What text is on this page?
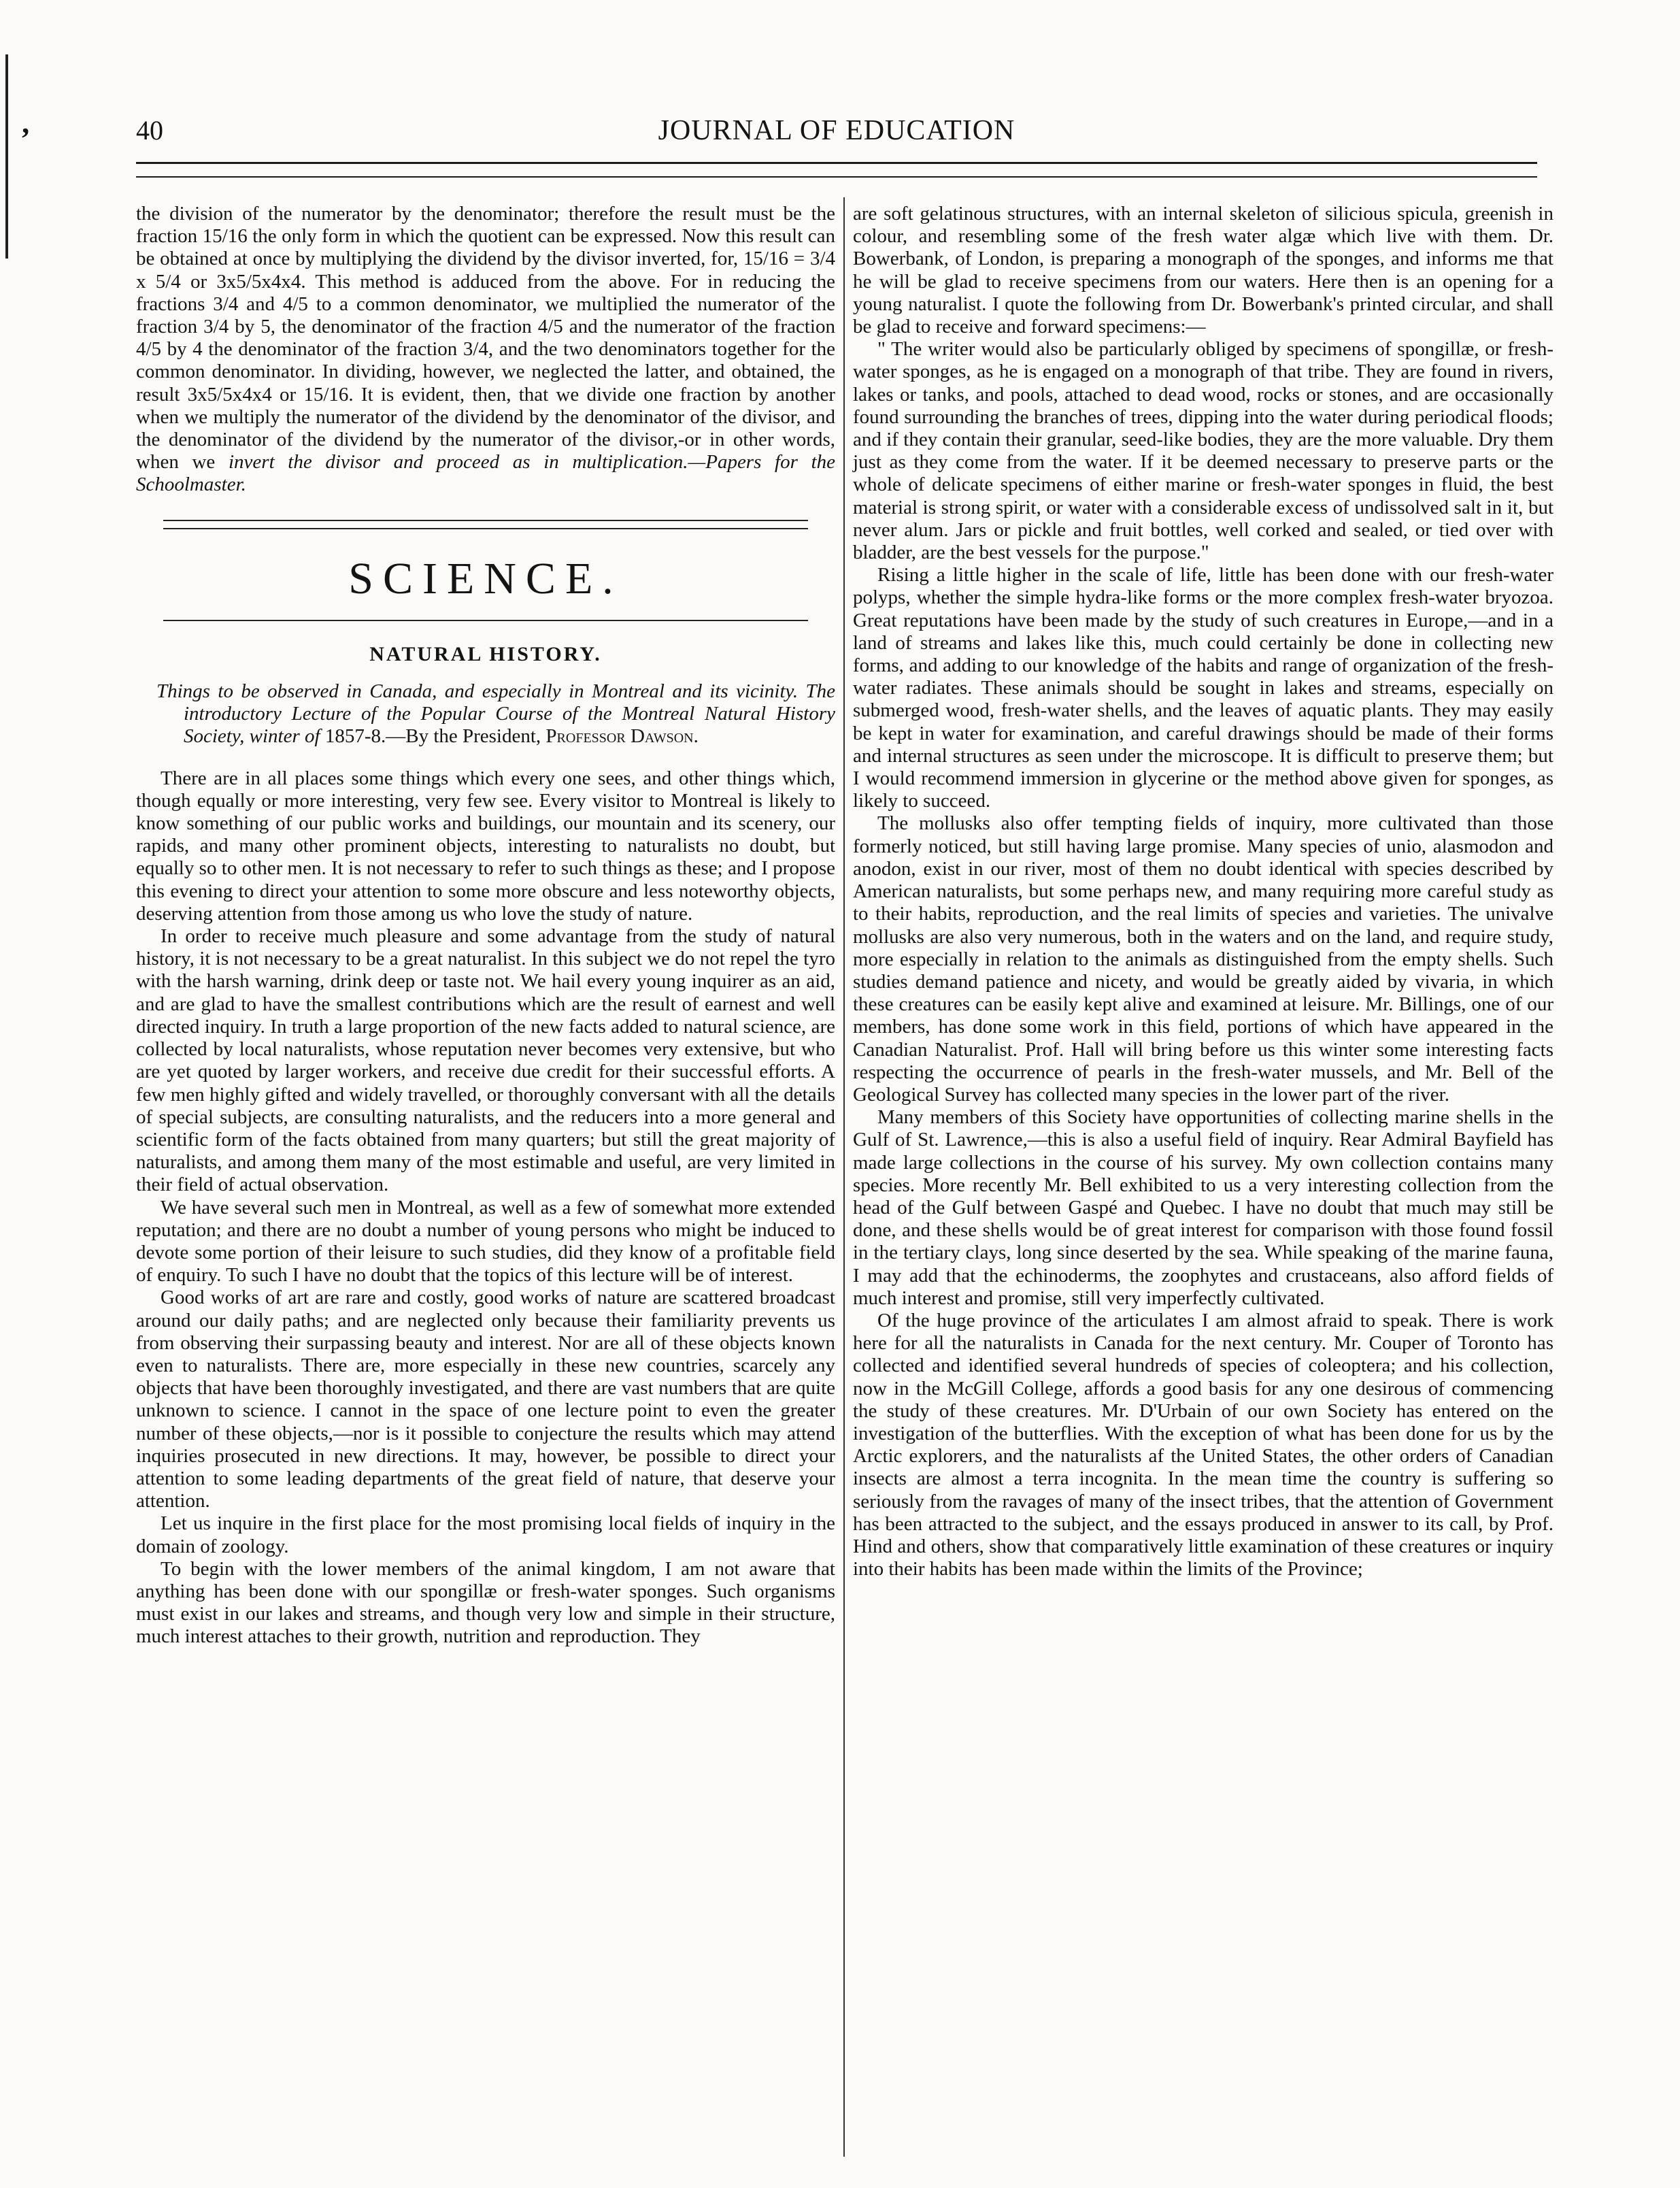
’	40	JOURNAL OF EDUCATION

the division of the numerator by the denominator; therefore the result must be the fraction 15/16 the only form in which the quotient can be expressed. Now this result can be obtained at once by multiplying the dividend by the divisor inverted, for, 15/16 = 3/4 x 5/4 or 3x5/5x4x4. This method is adduced from the above. For in reducing the fractions 3/4 and 4/5 to a common denominator, we multiplied the numerator of the fraction 3/4 by 5, the denominator of the fraction 4/5 and the numerator of the fraction 4/5 by 4 the denominator of the fraction 3/4, and the two denominators together for the common denominator. In dividing, however, we neglected the latter, and obtained, the result 3x5/5x4x4 or 15/16. It is evident, then, that we divide one fraction by another when we multiply the numerator of the dividend by the denominator of the divisor, and the denominator of the dividend by the numerator of the divisor,-or in other words, when we invert the divisor and proceed as in multiplication.—Papers for the Schoolmaster.

SCIENCE.
NATURAL HISTORY.

Things to be observed in Canada, and especially in Montreal and its vicinity. The introductory Lecture of the Popular Course of the Montreal Natural History Society, winter of 1857-8.—By the President, Professor Dawson.

There are in all places some things which every one sees, and other things which, though equally or more interesting, very few see. Every visitor to Montreal is likely to know something of our public works and buildings, our mountain and its scenery, our rapids, and many other prominent objects, interesting to naturalists no doubt, but equally so to other men. It is not necessary to refer to such things as these; and I propose this evening to direct your attention to some more obscure and less noteworthy objects, deserving attention from those among us who love the study of nature.

In order to receive much pleasure and some advantage from the study of natural history, it is not necessary to be a great naturalist. In this subject we do not repel the tyro with the harsh warning, drink deep or taste not. We hail every young inquirer as an aid, and are glad to have the smallest contributions which are the result of earnest and well directed inquiry. In truth a large proportion of the new facts added to natural science, are collected by local naturalists, whose reputation never becomes very extensive, but who are yet quoted by larger workers, and receive due credit for their successful efforts. A few men highly gifted and widely travelled, or thoroughly conversant with all the details of special subjects, are consulting naturalists, and the reducers into a more general and scientific form of the facts obtained from many quarters; but still the great majority of naturalists, and among them many of the most estimable and useful, are very limited in their field of actual observation.

We have several such men in Montreal, as well as a few of somewhat more extended reputation; and there are no doubt a number of young persons who might be induced to devote some portion of their leisure to such studies, did they know of a profitable field of enquiry. To such I have no doubt that the topics of this lecture will be of interest.

Good works of art are rare and costly, good works of nature are scattered broadcast around our daily paths; and are neglected only because their familiarity prevents us from observing their surpassing beauty and interest. Nor are all of these objects known even to naturalists. There are, more especially in these new countries, scarcely any objects that have been thoroughly investigated, and there are vast numbers that are quite unknown to science. I cannot in the space of one lecture point to even the greater number of these objects,—nor is it possible to conjecture the results which may attend inquiries prosecuted in new directions. It may, however, be possible to direct your attention to some leading departments of the great field of nature, that deserve your attention.

Let us inquire in the first place for the most promising local fields of inquiry in the domain of zoology.

To begin with the lower members of the animal kingdom, I am not aware that anything has been done with our spongillæ or fresh-water sponges. Such organisms must exist in our lakes and streams, and though very low and simple in their structure, much interest attaches to their growth, nutrition and reproduction. They

are soft gelatinous structures, with an internal skeleton of silicious spicula, greenish in colour, and resembling some of the fresh water algæ which live with them. Dr. Bowerbank, of London, is preparing a monograph of the sponges, and informs me that he will be glad to receive specimens from our waters. Here then is an opening for a young naturalist. I quote the following from Dr. Bowerbank's printed circular, and shall be glad to receive and forward specimens:—

" The writer would also be particularly obliged by specimens of spongillæ, or fresh-water sponges, as he is engaged on a monograph of that tribe. They are found in rivers, lakes or tanks, and pools, attached to dead wood, rocks or stones, and are occasionally found surrounding the branches of trees, dipping into the water during periodical floods; and if they contain their granular, seed-like bodies, they are the more valuable. Dry them just as they come from the water. If it be deemed necessary to preserve parts or the whole of delicate specimens of either marine or fresh-water sponges in fluid, the best material is strong spirit, or water with a considerable excess of undissolved salt in it, but never alum. Jars or pickle and fruit bottles, well corked and sealed, or tied over with bladder, are the best vessels for the purpose."

Rising a little higher in the scale of life, little has been done with our fresh-water polyps, whether the simple hydra-like forms or the more complex fresh-water bryozoa. Great reputations have been made by the study of such creatures in Europe,—and in a land of streams and lakes like this, much could certainly be done in collecting new forms, and adding to our knowledge of the habits and range of organization of the fresh-water radiates. These animals should be sought in lakes and streams, especially on submerged wood, fresh-water shells, and the leaves of aquatic plants. They may easily be kept in water for examination, and careful drawings should be made of their forms and internal structures as seen under the microscope. It is difficult to preserve them; but I would recommend immersion in glycerine or the method above given for sponges, as likely to succeed.

The mollusks also offer tempting fields of inquiry, more cultivated than those formerly noticed, but still having large promise. Many species of unio, alasmodon and anodon, exist in our river, most of them no doubt identical with species described by American naturalists, but some perhaps new, and many requiring more careful study as to their habits, reproduction, and the real limits of species and varieties. The univalve mollusks are also very numerous, both in the waters and on the land, and require study, more especially in relation to the animals as distinguished from the empty shells. Such studies demand patience and nicety, and would be greatly aided by vivaria, in which these creatures can be easily kept alive and examined at leisure. Mr. Billings, one of our members, has done some work in this field, portions of which have appeared in the Canadian Naturalist. Prof. Hall will bring before us this winter some interesting facts respecting the occurrence of pearls in the fresh-water mussels, and Mr. Bell of the Geological Survey has collected many species in the lower part of the river.

Many members of this Society have opportunities of collecting marine shells in the Gulf of St. Lawrence,—this is also a useful field of inquiry. Rear Admiral Bayfield has made large collections in the course of his survey. My own collection contains many species. More recently Mr. Bell exhibited to us a very interesting collection from the head of the Gulf between Gaspé and Quebec. I have no doubt that much may still be done, and these shells would be of great interest for comparison with those found fossil in the tertiary clays, long since deserted by the sea. While speaking of the marine fauna, I may add that the echinoderms, the zoophytes and crustaceans, also afford fields of much interest and promise, still very imperfectly cultivated.

Of the huge province of the articulates I am almost afraid to speak. There is work here for all the naturalists in Canada for the next century. Mr. Couper of Toronto has collected and identified several hundreds of species of coleoptera; and his collection, now in the McGill College, affords a good basis for any one desirous of commencing the study of these creatures. Mr. D'Urbain of our own Society has entered on the investigation of the butterflies. With the exception of what has been done for us by the Arctic explorers, and the naturalists af the United States, the other orders of Canadian insects are almost a terra incognita. In the mean time the country is suffering so seriously from the ravages of many of the insect tribes, that the attention of Government has been attracted to the subject, and the essays produced in answer to its call, by Prof. Hind and others, show that comparatively little examination of these creatures or inquiry into their habits has been made within the limits of the Province;
